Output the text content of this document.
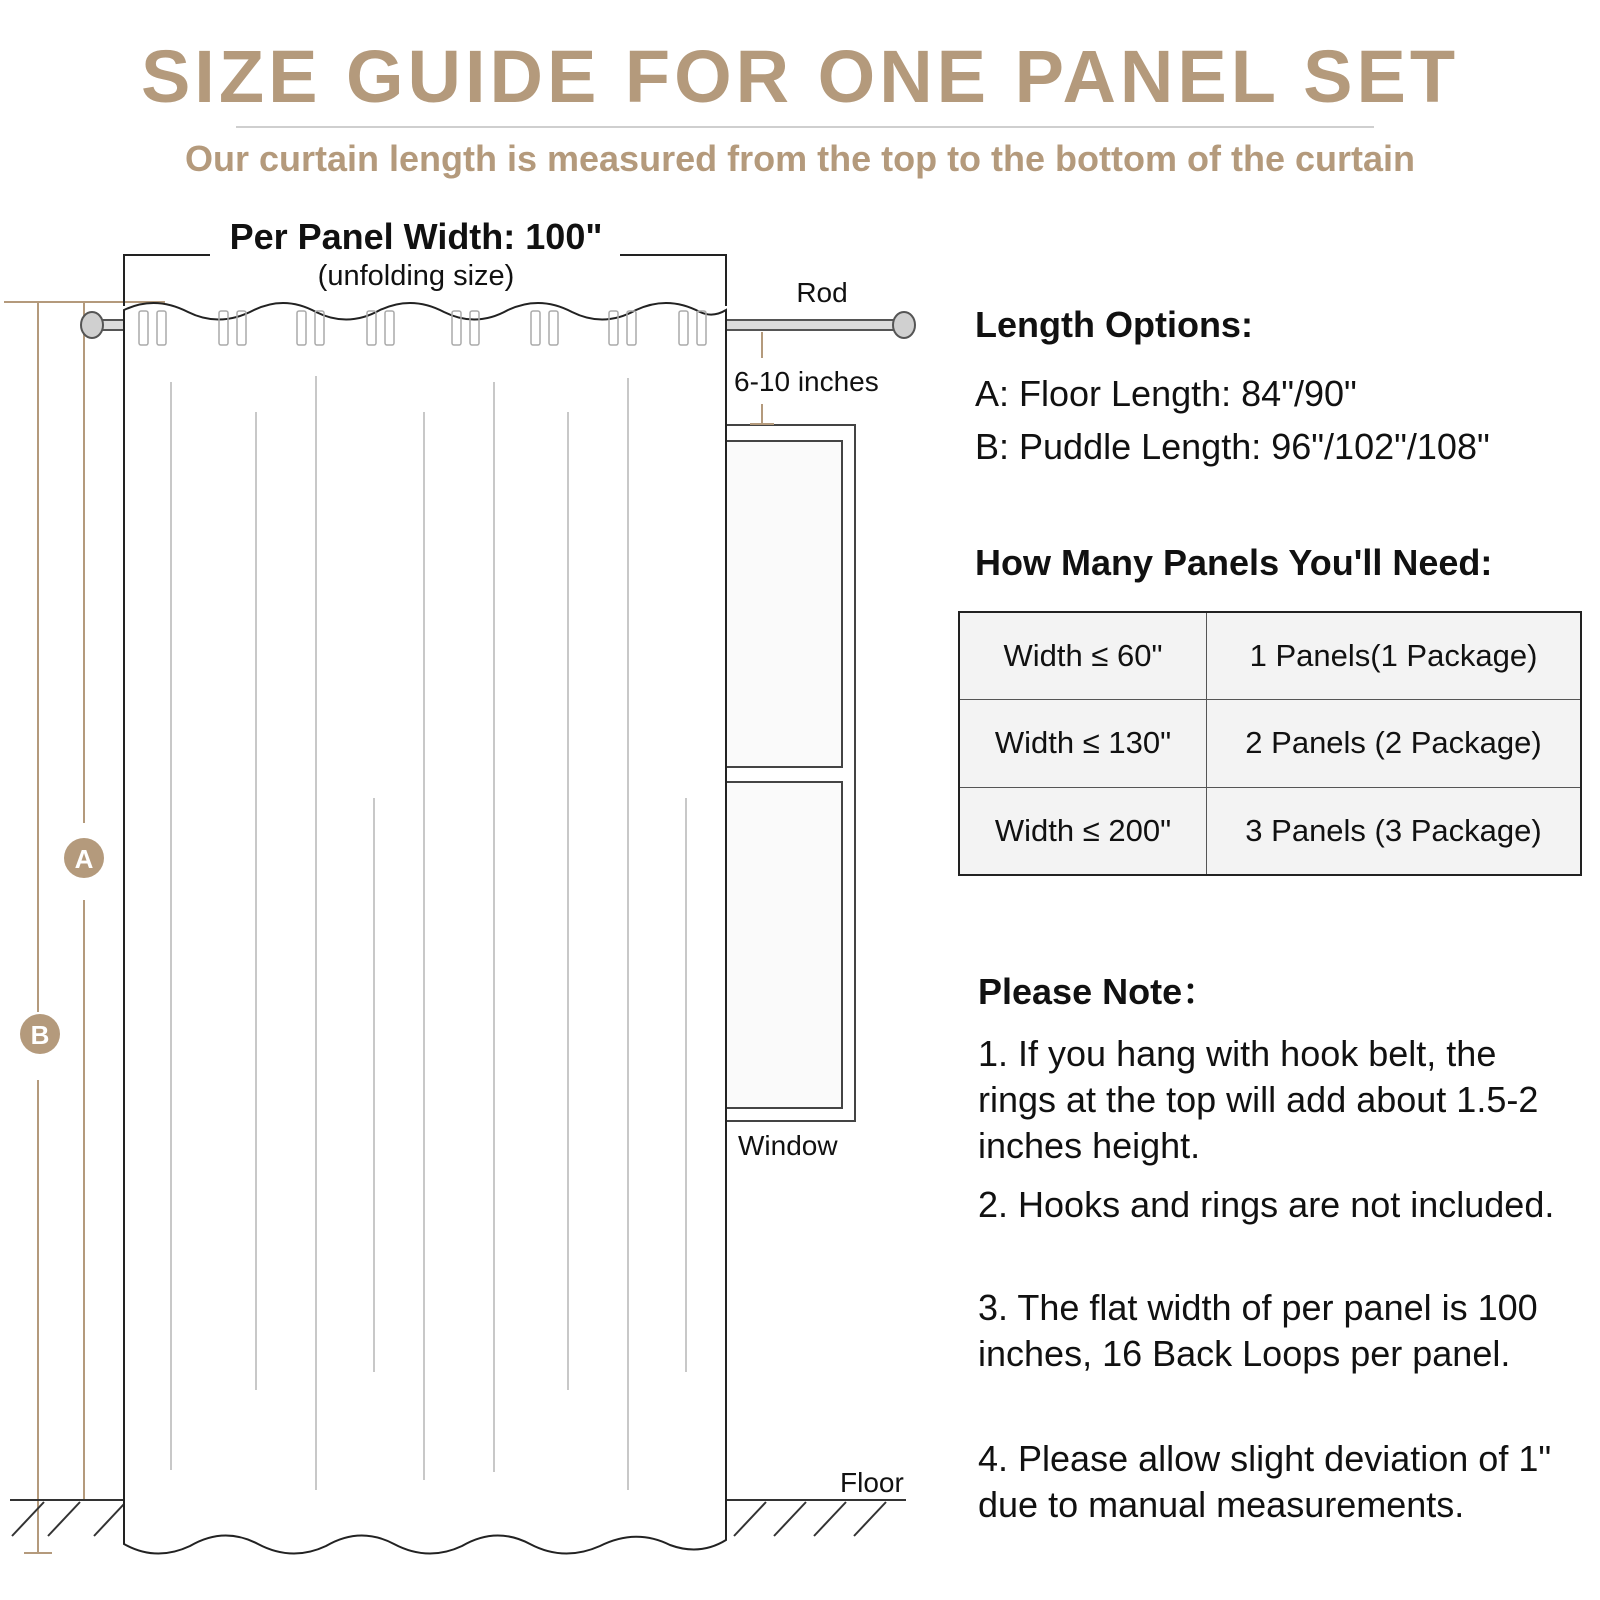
SIZE GUIDE FOR ONE PANEL SET
Our curtain length is measured from the top to the bottom of the curtain
A
B
Per Panel Width: 100"
(unfolding size)
Window
Rod
6-10 inches
Floor
Length Options:
A: Floor Length: 84"/90"
B: Puddle Length: 96"/102"/108"
How Many Panels You'll Need:
Width ≤ 60"	1 Panels(1 Package)
Width ≤ 130"	2 Panels (2 Package)
Width ≤ 200"	3 Panels (3 Package)
Please Note：
1. If you hang with hook belt, the rings at the top will add about 1.5-2 inches height.
2. Hooks and rings are not included.
3. The flat width of per panel is 100 inches, 16 Back Loops per panel.
4. Please allow slight deviation of 1" due to manual measurements.
